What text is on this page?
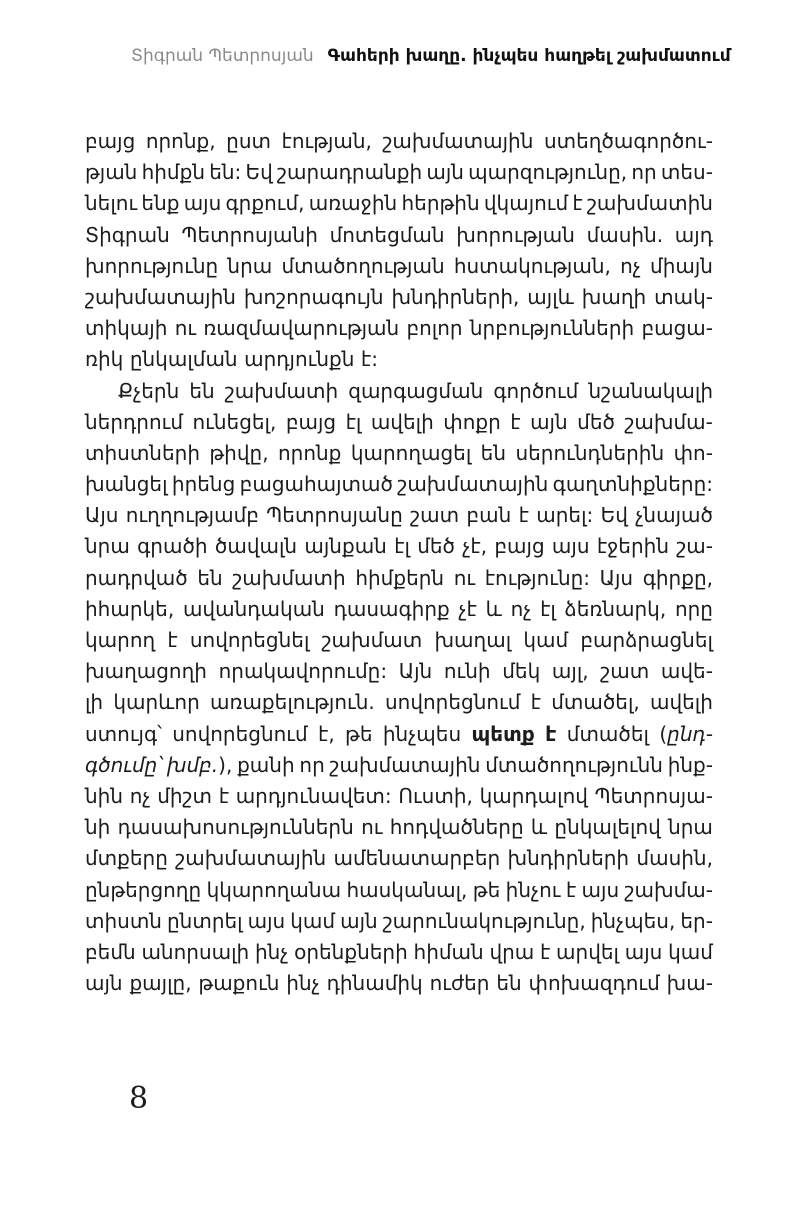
Տիգրան Պետրոսյան Գահերի խաղը. ինչպես հաղթել շախմատում
բայց որոնք, ըստ էության, շախմատային ստեղծագործու-
թյան հիմքն են: Եվ շարադրանքի այն պարզությունը, որ տես-
նելու ենք այս գրքում, առաջին հերթին վկայում է շախմատին
Տիգրան Պետրոսյանի մոտեցման խորության մասին. այդ
խորությունը նրա մտածողության հստակության, ոչ միայն
շախմատային խոշորագույն խնդիրների, այլև խաղի տակ-
տիկայի ու ռազմավարության բոլոր նրբությունների բացա-
ռիկ ընկալման արդյունքն է:
Քչերն են շախմատի զարգացման գործում նշանակալի
ներդրում ունեցել, բայց էլ ավելի փոքր է այն մեծ շախմա-
տիստների թիվը, որոնք կարողացել են սերունդներին փո-
խանցել իրենց բացահայտած շախմատային գաղտնիքները:
Այս ուղղությամբ Պետրոսյանը շատ բան է արել: Եվ չնայած
նրա գրածի ծավալն այնքան էլ մեծ չէ, բայց այս էջերին շա-
րադրված են շախմատի հիմքերն ու էությունը: Այս գիրքը,
իհարկե, ավանդական դասագիրք չէ և ոչ էլ ձեռնարկ, որը
կարող է սովորեցնել շախմատ խաղալ կամ բարձրացնել
խաղացողի որակավորումը: Այն ունի մեկ այլ, շատ ավե-
լի կարևոր առաքելություն. սովորեցնում է մտածել, ավելի
ստույգ՝ սովորեցնում է, թե ինչպես պետք է մտածել (ընդ-
գծումը՝ խմբ.), քանի որ շախմատային մտածողությունն ինք-
նին ոչ միշտ է արդյունավետ: Ուստի, կարդալով Պետրոսյա-
նի դասախոսություններն ու հոդվածները և ընկալելով նրա
մտքերը շախմատային ամենատարբեր խնդիրների մասին,
ընթերցողը կկարողանա հասկանալ, թե ինչու է այս շախմա-
տիստն ընտրել այս կամ այն շարունակությունը, ինչպես, եր-
բեմն անորսալի ինչ օրենքների հիման վրա է արվել այս կամ
այն քայլը, թաքուն ինչ դինամիկ ուժեր են փոխազդում խա-
8
